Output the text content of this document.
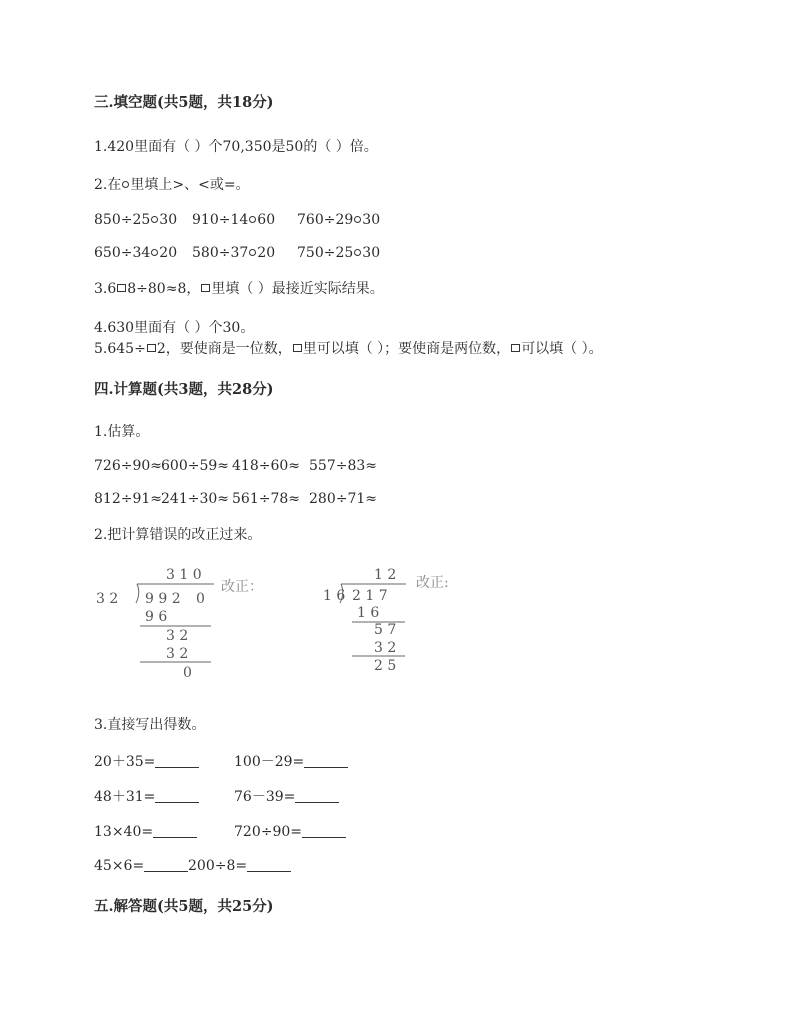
三.填空题(共5题，共18分)
1.420里面有（ ）个70,350是50的（ ）倍。
2.在 里填上>、<或=。
850÷25 30 910÷14 60 760÷29 30
650÷34 20 580÷37 20 750÷25 30
3.6 8÷80≈8， 里填（ ）最接近实际结果。
4.630里面有（ ）个30。
5.645÷ 2，要使商是一位数， 里可以填（ ）；要使商是两位数， 可以填（ ）。
四.计算题(共3题，共28分)
1.估算。
726÷90≈ 600÷59≈ 418÷60≈ 557÷83≈
812÷91≈ 241÷30≈ 561÷78≈ 280÷71≈
2.把计算错误的改正过来。
3 1 0
3 2 9 9 2 0
9 6
3 2
3 2
0
改正：
1 2
1 6 2 1 7
1 6
5 7
3 2
2 5
改正:
3.直接写出得数。
20＋35=	100－29=
48＋31=	76－39=
13×40=	720÷90=
45×6=	200÷8=
五.解答题(共5题，共25分)
